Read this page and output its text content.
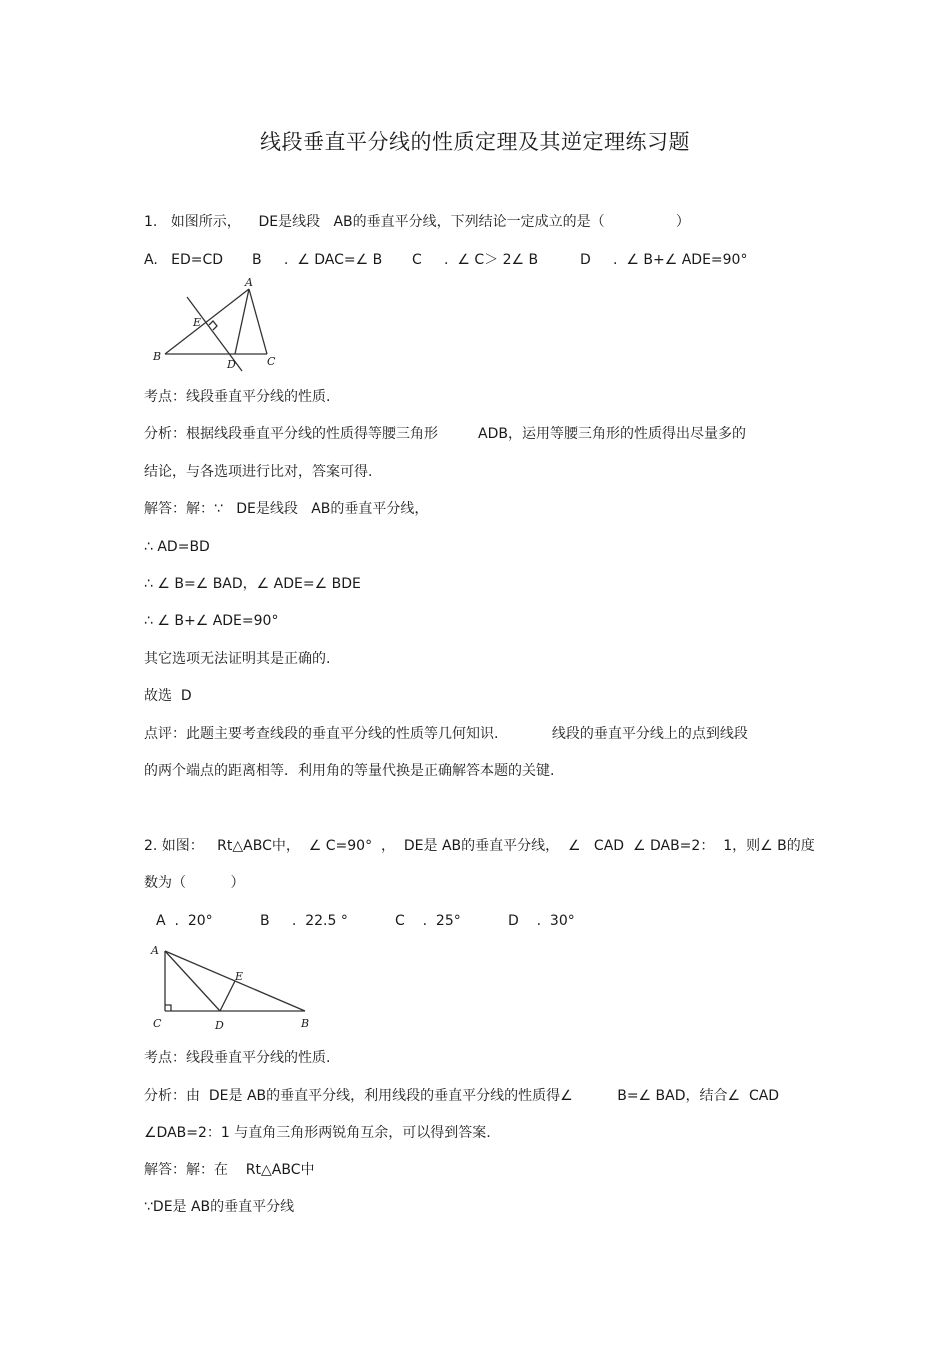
线段垂直平分线的性质定理及其逆定理练习题
1.   如图所示，    DE是线段   AB的垂直平分线，下列结论一定成立的是（                ）
A.   ED=CD B     .  ∠ DAC=∠ B C     .  ∠ C＞ 2∠ B	D     .  ∠ B+∠ ADE=90°
A
B	C
D
E
考点：线段垂直平分线的性质.
分析：根据线段垂直平分线的性质得等腰三角形         ADB，运用等腰三角形的性质得出尽量多的
结论，与各选项进行比对，答案可得.
解答：解：∵   DE是线段   AB的垂直平分线，
∴ AD=BD
∴ ∠ B=∠ BAD，∠ ADE=∠ BDE
∴ ∠ B+∠ ADE=90°
其它选项无法证明其是正确的.
故选  D
点评：此题主要考查线段的垂直平分线的性质等几何知识.            线段的垂直平分线上的点到线段
的两个端点的距离相等．利用角的等量代换是正确解答本题的关键.
2. 如图：   Rt△ABC中，  ∠ C=90°  ，  DE是 AB的垂直平分线，  ∠   CAD  ∠ DAB=2：  1，则∠ B的度
数为（          ）
A  .  20°	B     .  22.5 °	C    .  25°	D    .  30°
A
C	D	B
E
考点：线段垂直平分线的性质.
分析：由  DE是 AB的垂直平分线，利用线段的垂直平分线的性质得∠          B=∠ BAD，结合∠  CAD
∠DAB=2：1 与直角三角形两锐角互余，可以得到答案.
解答：解：在    Rt△ABC中
∵DE是 AB的垂直平分线
